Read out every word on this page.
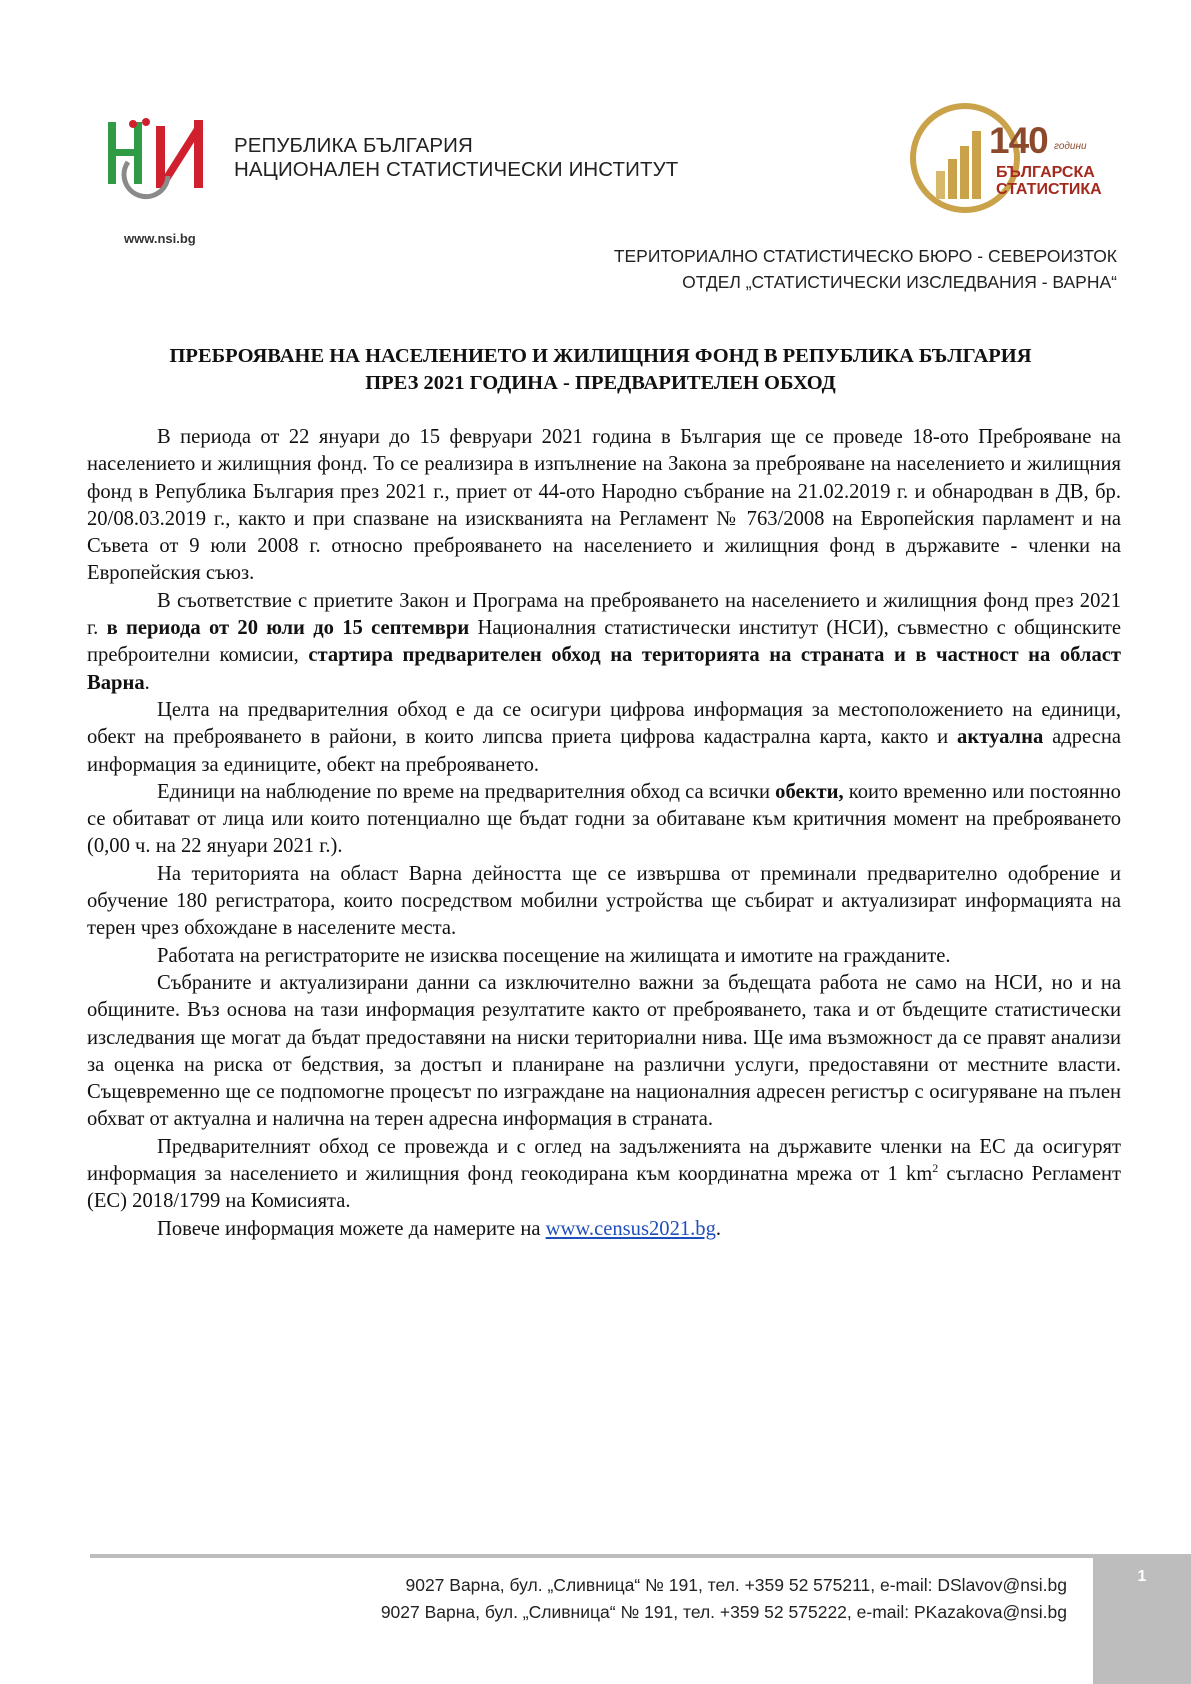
РЕПУБЛИКА БЪЛГАРИЯ
НАЦИОНАЛЕН СТАТИСТИЧЕСКИ ИНСТИТУТ
www.nsi.bg
140 години
БЪЛГАРСКА
СТАТИСТИКА
ТЕРИТОРИАЛНО СТАТИСТИЧЕСКО БЮРО - СЕВЕРОИЗТОК
ОТДЕЛ „СТАТИСТИЧЕСКИ ИЗСЛЕДВАНИЯ - ВАРНА“
ПРЕБРОЯВАНЕ НА НАСЕЛЕНИЕТО И ЖИЛИЩНИЯ ФОНД В РЕПУБЛИКА БЪЛГАРИЯ
ПРЕЗ 2021 ГОДИНА - ПРЕДВАРИТЕЛЕН ОБХОД

В периода от 22 януари до 15 февруари 2021 година в България ще се проведе 18-ото Преброяване на населението и жилищния фонд. То се реализира в изпълнение на Закона за преброяване на населението и жилищния фонд в Република България през 2021 г., приет от 44-ото Народно събрание на 21.02.2019 г. и обнародван в ДВ, бр. 20/08.03.2019 г., както и при спазване на изискванията на Регламент № 763/2008 на Европейския парламент и на Съвета от 9 юли 2008 г. относно преброяването на населението и жилищния фонд в държавите - членки на Европейския съюз.

В съответствие с приетите Закон и Програма на преброяването на населението и жилищния фонд през 2021 г. в периода от 20 юли до 15 септември Националния статистически институт (НСИ), съвместно с общинските преброителни комисии, стартира предварителен обход на територията на страната и в частност на област Варна.

Целта на предварителния обход е да се осигури цифрова информация за местоположението на единици, обект на преброяването в райони, в които липсва приета цифрова кадастрална карта, както и актуална адресна информация за единиците, обект на преброяването.

Единици на наблюдение по време на предварителния обход са всички обекти, които временно или постоянно се обитават от лица или които потенциално ще бъдат годни за обитаване към критичния момент на преброяването (0,00 ч. на 22 януари 2021 г.).

На територията на област Варна дейността ще се извършва от преминали предварително одобрение и обучение 180 регистратора, които посредством мобилни устройства ще събират и актуализират информацията на терен чрез обхождане в населените места.

Работата на регистраторите не изисква посещение на жилищата и имотите на гражданите.

Събраните и актуализирани данни са изключително важни за бъдещата работа не само на НСИ, но и на общините. Въз основа на тази информация резултатите както от преброяването, така и от бъдещите статистически изследвания ще могат да бъдат предоставяни на ниски териториални нива. Ще има възможност да се правят анализи за оценка на риска от бедствия, за достъп и планиране на различни услуги, предоставяни от местните власти. Същевременно ще се подпомогне процесът по изграждане на националния адресен регистър с осигуряване на пълен обхват от актуална и налична на терен адресна информация в страната.

Предварителният обход се провежда и с оглед на задълженията на държавите членки на ЕС да осигурят информация за населението и жилищния фонд геокодирана към координатна мрежа от 1 $km^2$ съгласно Регламент (ЕС) 2018/1799 на Комисията.

Повече информация можете да намерите на www.census2021.bg.

1
9027 Варна, бул. „Сливница“ № 191, тел. +359 52 575211, e-mail: DSlavov@nsi.bg
9027 Варна, бул. „Сливница“ № 191, тел. +359 52 575222, e-mail: PKazakova@nsi.bg
